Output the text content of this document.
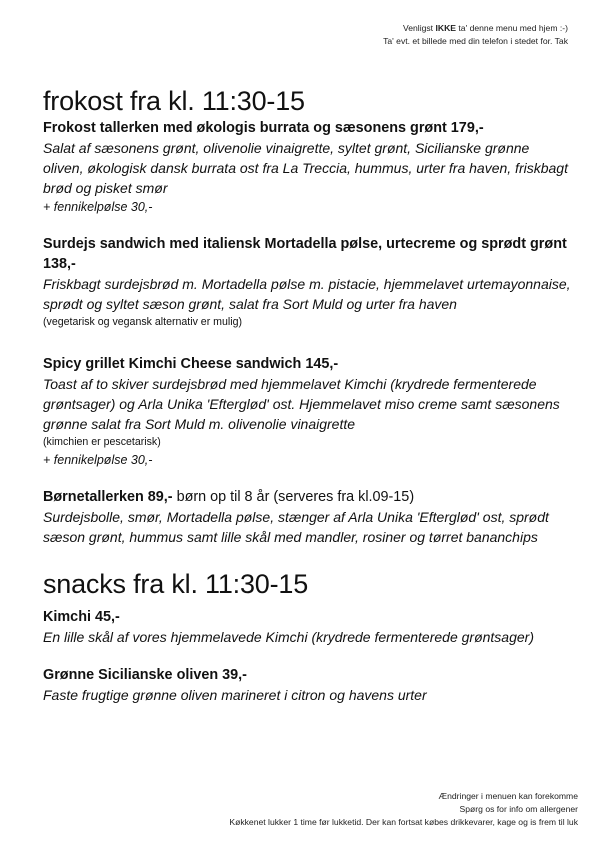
Venligst IKKE ta' denne menu med hjem :-)
Ta' evt. et billede med din telefon i stedet for. Tak
frokost fra kl. 11:30-15

Frokost tallerken med økologis burrata og sæsonens grønt 179,-

Salat af sæsonens grønt, olivenolie vinaigrette, syltet grønt, Sicilianske grønne oliven, økologisk dansk burrata ost fra La Treccia, hummus, urter fra haven, friskbagt brød og pisket smør

+ fennikelpølse 30,-

Surdejs sandwich med italiensk Mortadella pølse, urtecreme og sprødt grønt 138,-

Friskbagt surdejsbrød m. Mortadella pølse m. pistacie, hjemmelavet urtemayonnaise, sprødt og syltet sæson grønt, salat fra Sort Muld og urter fra haven

(vegetarisk og vegansk alternativ er mulig)

Spicy grillet Kimchi Cheese sandwich 145,-

Toast af to skiver surdejsbrød med hjemmelavet Kimchi (krydrede fermenterede grøntsager) og Arla Unika 'Efterglød' ost. Hjemmelavet miso creme samt sæsonens grønne salat fra Sort Muld m. olivenolie vinaigrette

(kimchien er pescetarisk)

+ fennikelpølse 30,-

Børnetallerken 89,- børn op til 8 år (serveres fra kl.09-15)

Surdejsbolle, smør, Mortadella pølse, stænger af Arla Unika 'Efterglød' ost, sprødt sæson grønt, hummus samt lille skål med mandler, rosiner og tørret bananchips

snacks fra kl. 11:30-15

Kimchi 45,-

En lille skål af vores hjemmelavede Kimchi (krydrede fermenterede grøntsager)

Grønne Sicilianske oliven 39,-

Faste frugtige grønne oliven marineret i citron og havens urter

Ændringer i menuen kan forekomme
Spørg os for info om allergener
Køkkenet lukker 1 time før lukketid. Der kan fortsat købes drikkevarer, kage og is frem til luk
